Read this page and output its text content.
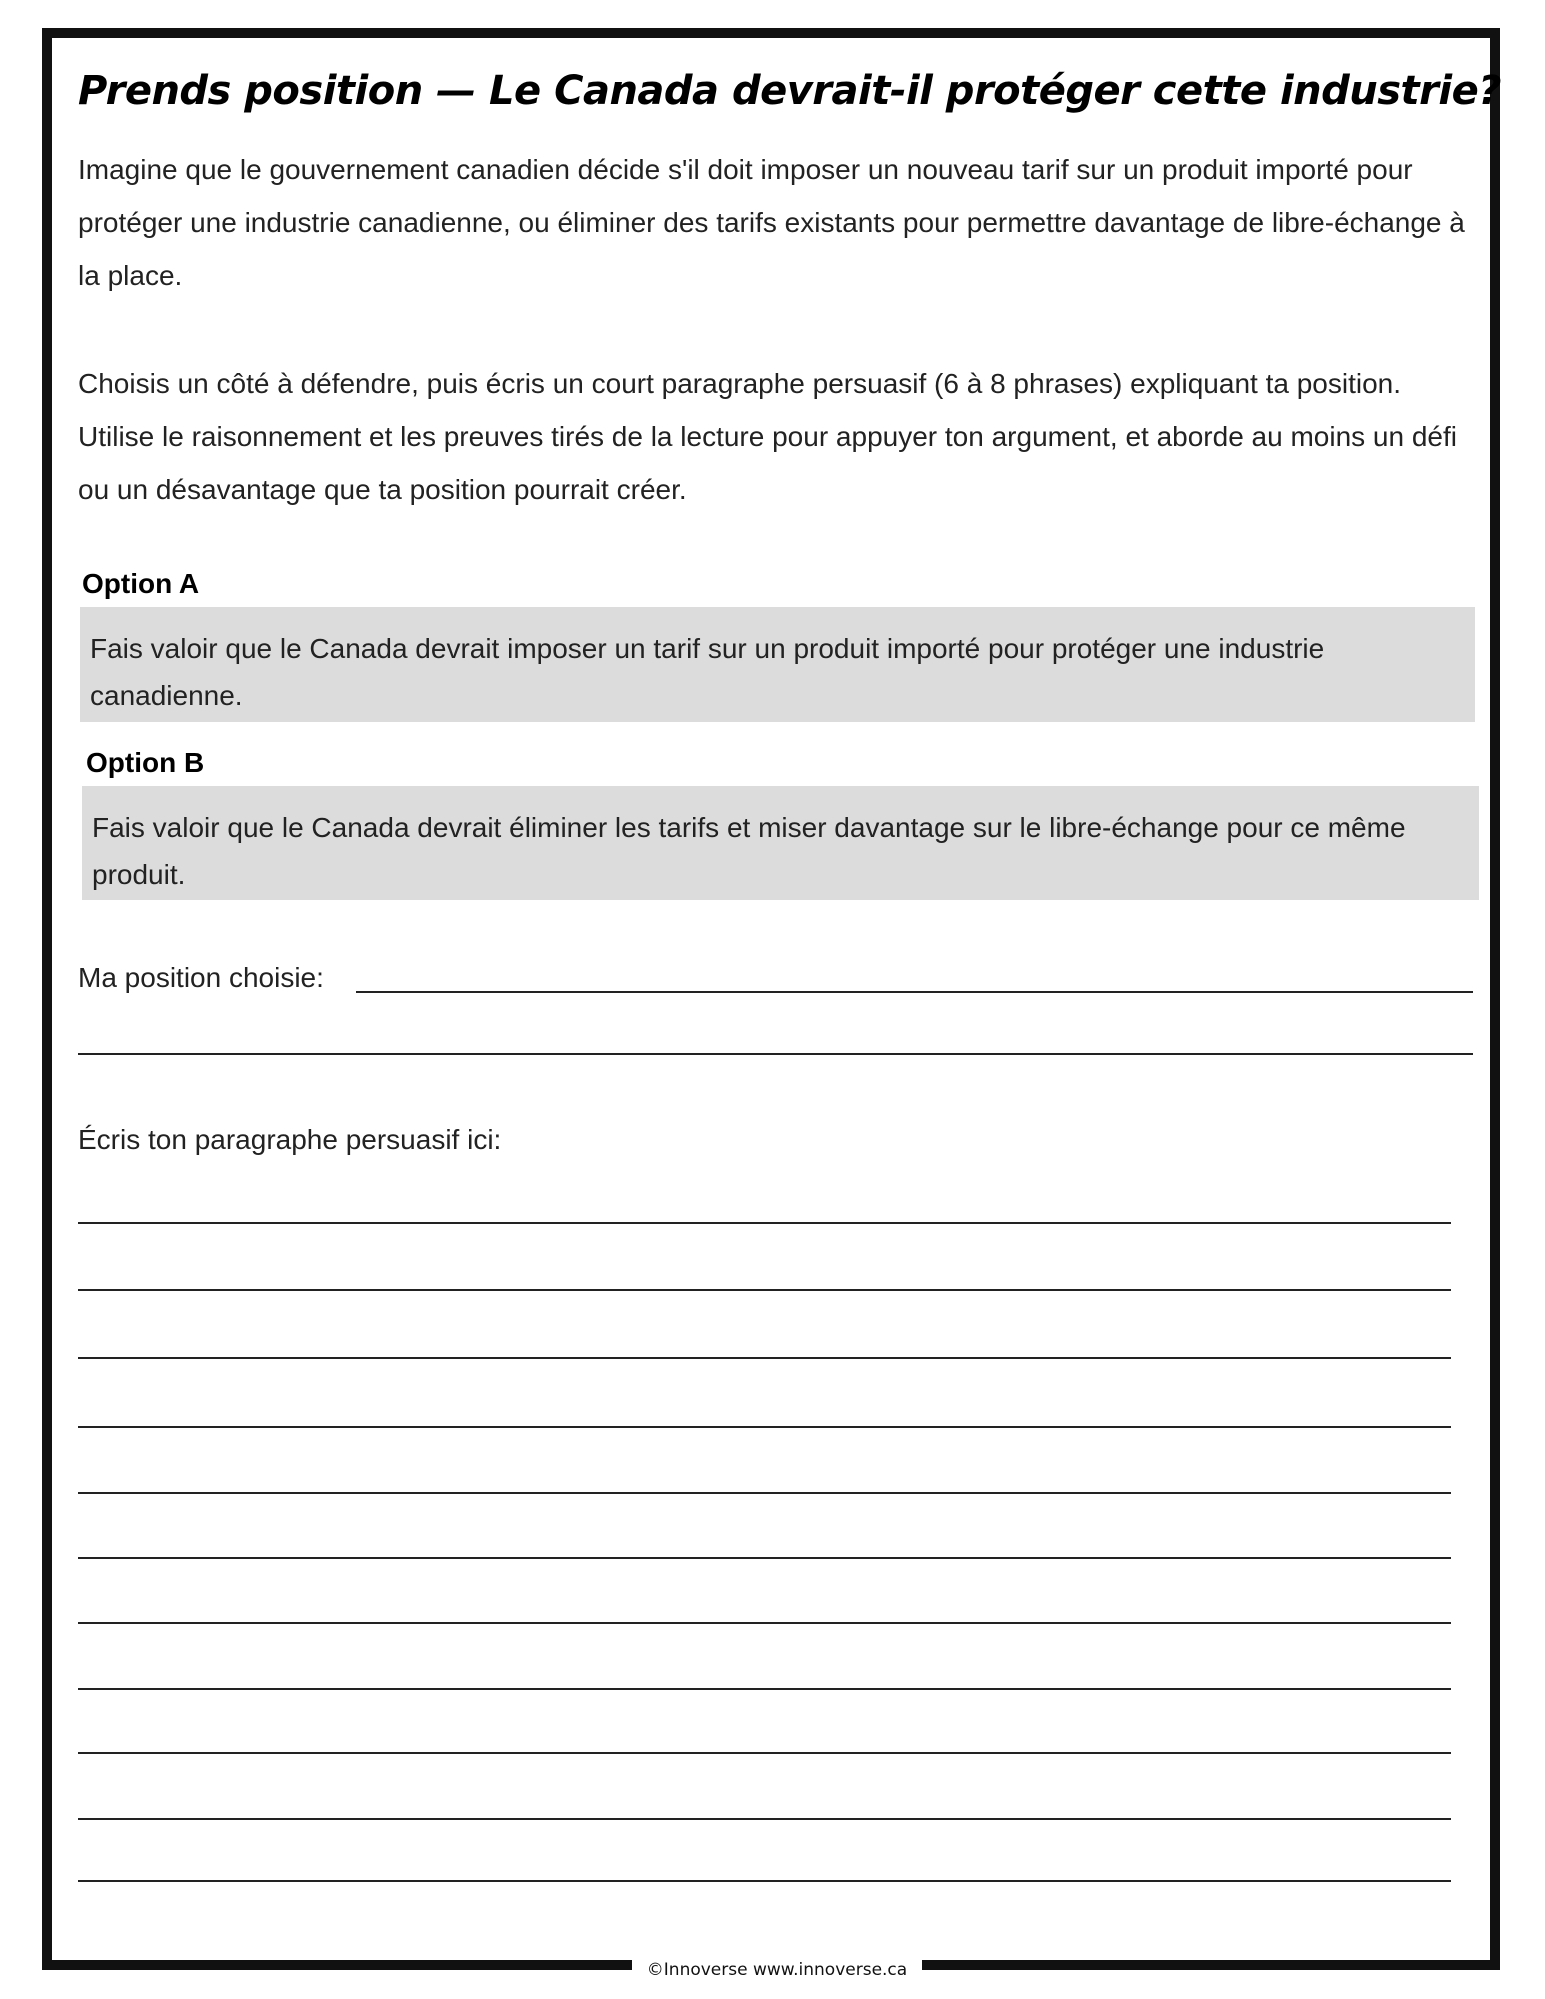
Prends position — Le Canada devrait-il protéger cette industrie?
Imagine que le gouvernement canadien décide s'il doit imposer un nouveau tarif sur un produit importé pour protéger une industrie canadienne, ou éliminer des tarifs existants pour permettre davantage de libre-échange à la place.
Choisis un côté à défendre, puis écris un court paragraphe persuasif (6 à 8 phrases) expliquant ta position. Utilise le raisonnement et les preuves tirés de la lecture pour appuyer ton argument, et aborde au moins un défi ou un désavantage que ta position pourrait créer.
Option A
Fais valoir que le Canada devrait imposer un tarif sur un produit importé pour protéger une industrie canadienne.
Option B
Fais valoir que le Canada devrait éliminer les tarifs et miser davantage sur le libre-échange pour ce même produit.
Ma position choisie:
Écris ton paragraphe persuasif ici:
©Innoverse www.innoverse.ca
